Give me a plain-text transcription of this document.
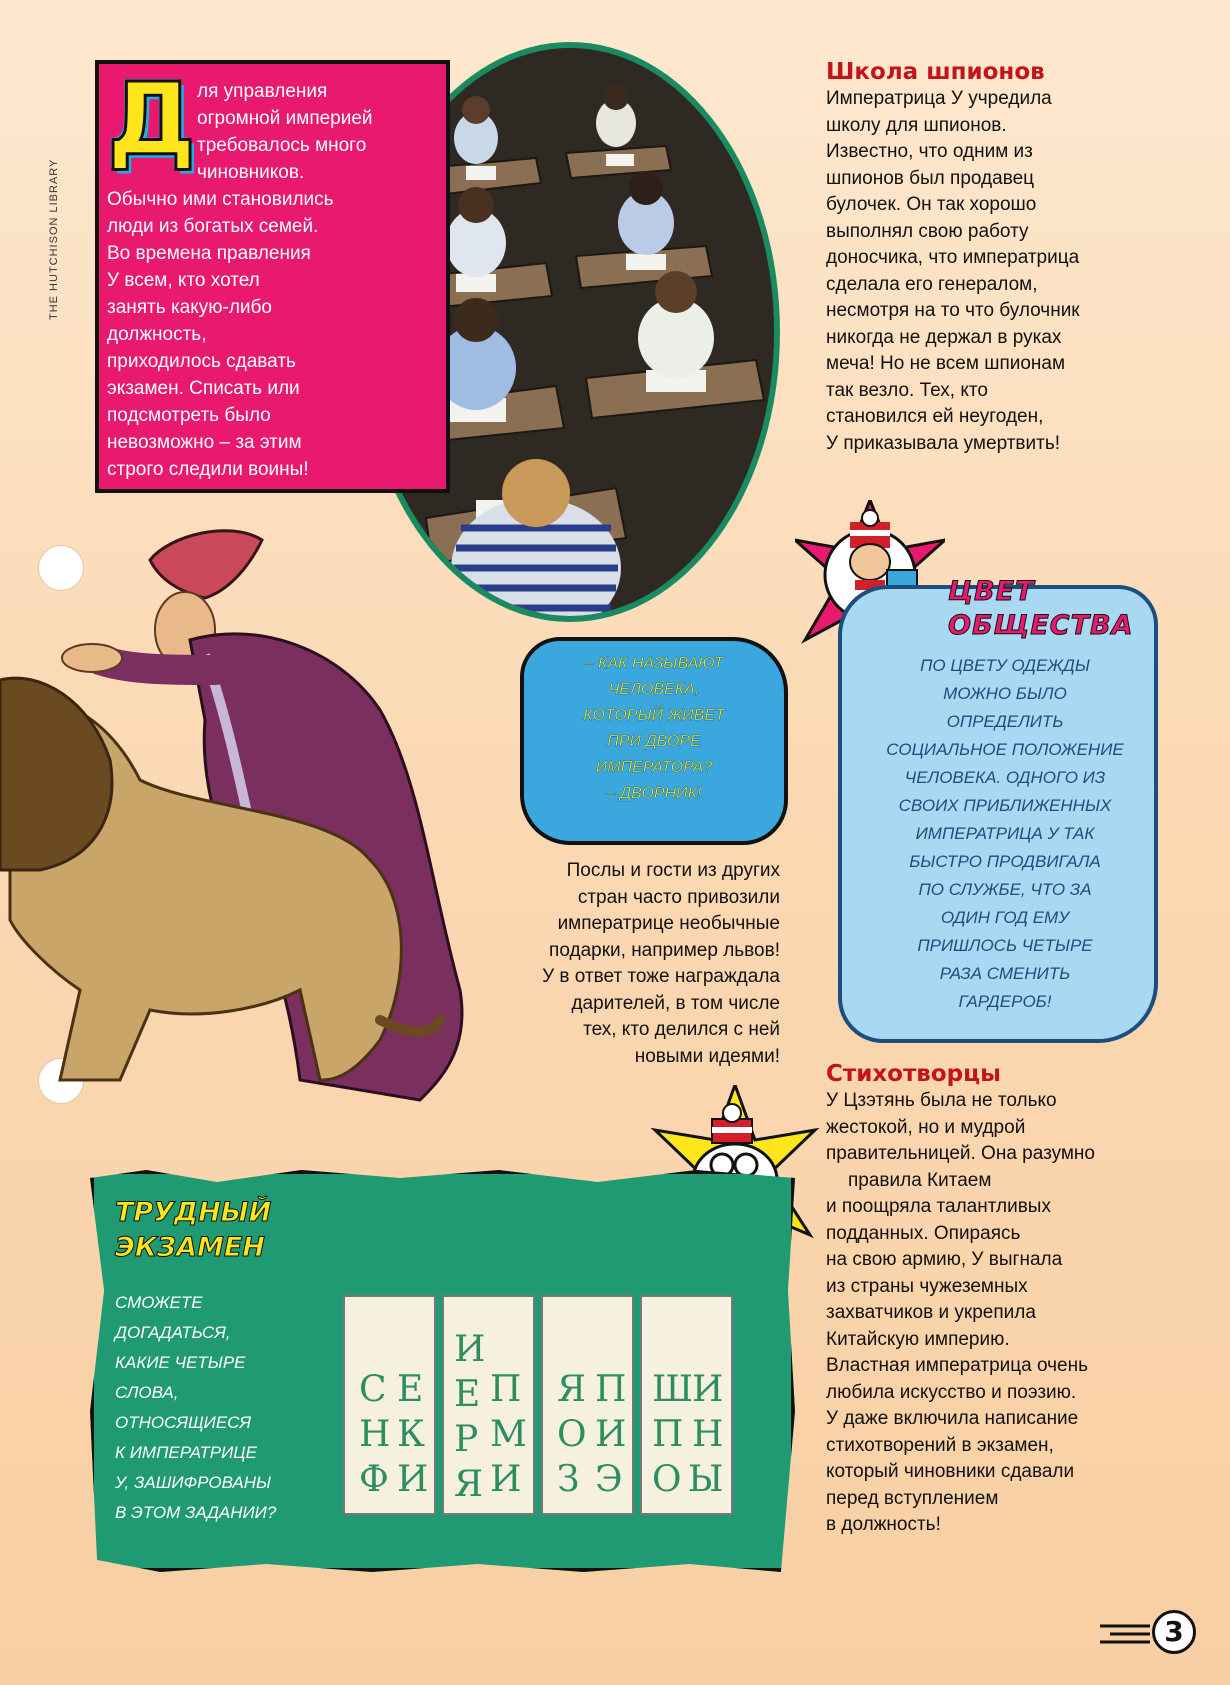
THE HUTCHISON LIBRARY
Д ля управления
огромной империей
требовалось много
чиновников.
Обычно ими становились
люди из богатых семей.
Во времена правления
У всем, кто хотел
занять какую-либо
должность,
приходилось сдавать
экзамен. Списать или
подсмотреть было
невозможно – за этим
строго следили воины!
Школа шпионов
Императрица У учредила
школу для шпионов.
Известно, что одним из
шпионов был продавец
булочек. Он так хорошо
выполнял свою работу
доносчика, что императрица
сделала его генералом,
несмотря на то что булочник
никогда не держал в руках
меча! Но не всем шпионам
так везло. Тех, кто
становился ей неугоден,
У приказывала умертвить!
ЦВЕТ
ОБЩЕСТВА
ПО ЦВЕТУ ОДЕЖДЫ
МОЖНО БЫЛО
ОПРЕДЕЛИТЬ
СОЦИАЛЬНОЕ ПОЛОЖЕНИЕ
ЧЕЛОВЕКА. ОДНОГО ИЗ
СВОИХ ПРИБЛИЖЕННЫХ
ИМПЕРАТРИЦА У ТАК
БЫСТРО ПРОДВИГАЛА
ПО СЛУЖБЕ, ЧТО ЗА
ОДИН ГОД ЕМУ
ПРИШЛОСЬ ЧЕТЫРЕ
РАЗА СМЕНИТЬ
ГАРДЕРОБ!
– КАК НАЗЫВАЮТ
ЧЕЛОВЕКА,
КОТОРЫЙ ЖИВЕТ
ПРИ ДВОРЕ
ИМПЕРАТОРА?
– ДВОРНИК!
Послы и гости из других
стран часто привозили
императрице необычные
подарки, например львов!
У в ответ тоже награждала
дарителей, в том числе
тех, кто делился с ней
новыми идеями!
Стихотворцы
У Цзэтянь была не только
жестокой, но и мудрой
правительницей. Она разумно
правила Китаем
и поощряла талантливых
подданных. Опираясь
на свою армию, У выгнала
из страны чужеземных
захватчиков и укрепила
Китайскую империю.
Властная императрица очень
любила искусство и поэзию.
У даже включила написание
стихотворений в экзамен,
который чиновники сдавали
перед вступлением
в должность!
ТРУДНЫЙ
ЭКЗАМЕН
СМОЖЕТЕ
ДОГАДАТЬСЯ,
КАКИЕ ЧЕТЫРЕ
СЛОВА,
ОТНОСЯЩИЕСЯ
К ИМПЕРАТРИЦЕ
У, ЗАШИФРОВАНЫ
В ЭТОМ ЗАДАНИИ?
С Е
Н К
Ф И
И
Е
Р
Я
П
М
И
Я П
О И
З Э
Ш
И
П Н
О Ы
3
